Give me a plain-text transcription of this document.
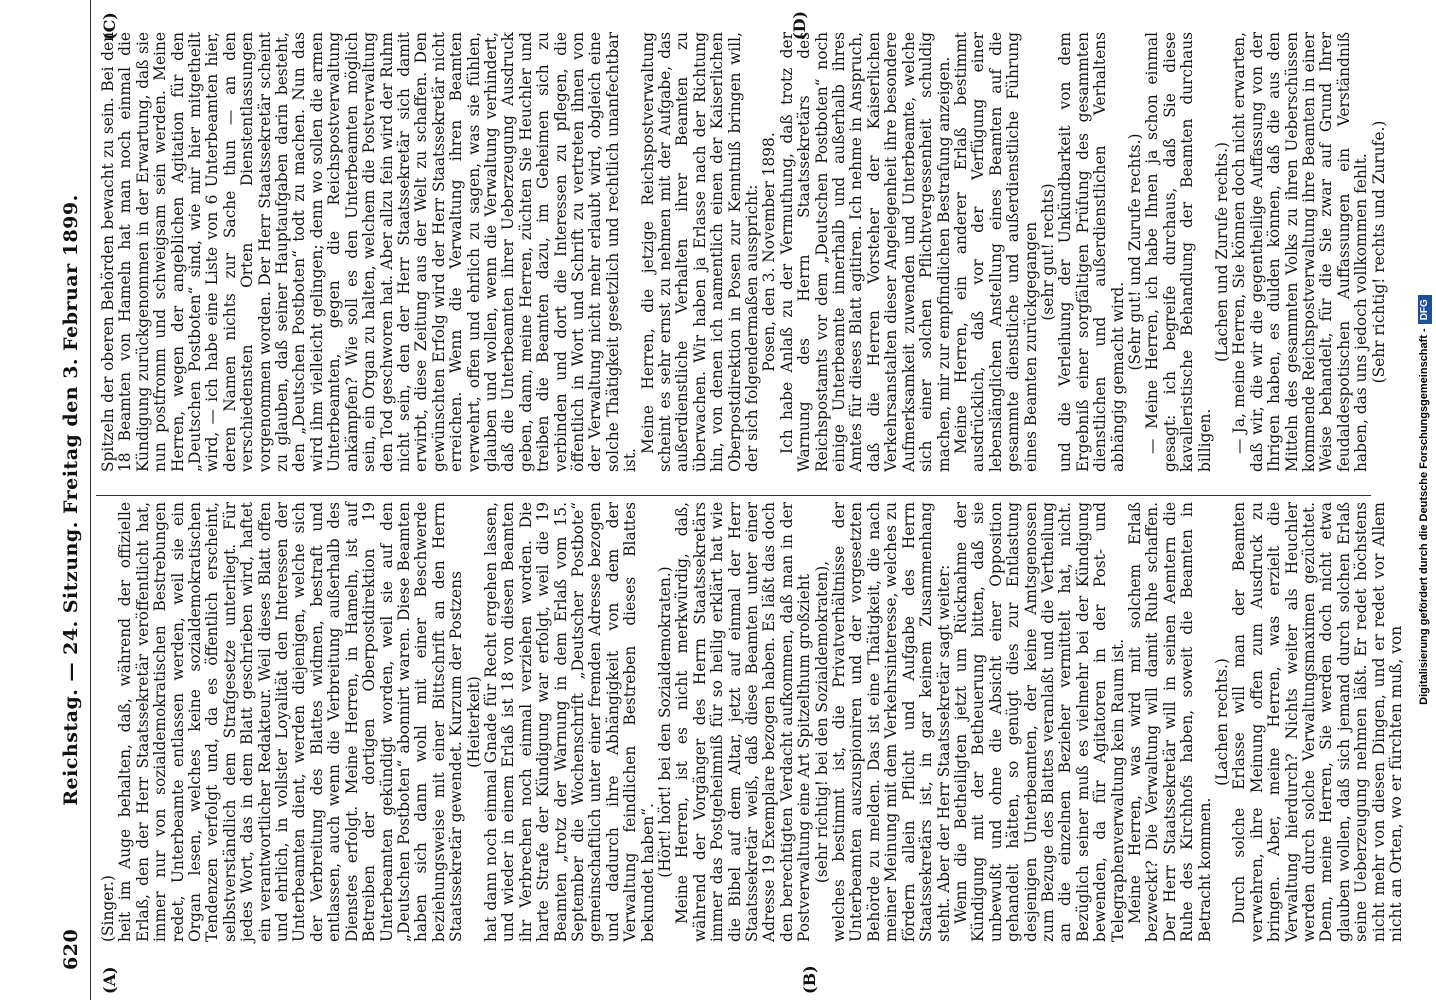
620
Reichstag. — 24. Sitzung. Freitag den 3. Februar 1899.
(A)	(B)
(C)	(D)

(Singer.) heit im Auge behalten, daß, während der offizielle Erlaß, den der Herr Staatssekretär veröffentlicht hat, immer nur von sozialdemokratischen Bestrebungen redet, Unterbeamte entlassen werden, weil sie ein Organ lesen, welches keine sozialdemokratischen Tendenzen verfolgt und, da es öffentlich erscheint, selbstverständlich dem Strafgesetze unterliegt. Für jedes Wort, das in dem Blatt geschrieben wird, haftet ein verantwortlicher Redakteur. Weil dieses Blatt offen und ehrlich, in vollster Loyalität den Interessen der Unterbeamten dient, werden diejenigen, welche sich der Verbreitung des Blattes widmen, bestraft und entlassen, auch wenn die Verbreitung außerhalb des Dienstes erfolgt. Meine Herren, in Hameln, ist auf Betreiben der dortigen Oberpostdirektion 19 Unterbeamten gekündigt worden, weil sie auf den „Deutschen Postboten“ abonnirt waren. Diese Beamten haben sich dann wohl mit einer Beschwerde beziehungsweise mit einer Bittschrift an den Herrn Staatssekretär gewendet. Kurzum der Postzens (Heiterkeit) hat dann noch einmal Gnade für Recht ergehen lassen, und wieder in einem Erlaß ist 18 von diesen Beamten ihr Verbrechen noch einmal verziehen worden. Die harte Strafe der Kündigung war erfolgt, weil die 19 Beamten „trotz der Warnung in dem Erlaß vom 15. September die Wochenschrift „Deutscher Postbote“ gemeinschaftlich unter einer fremden Adresse bezogen und dadurch ihre Abhängigkeit von dem der Verwaltung feindlichen Bestreben dieses Blattes bekundet haben“. (Hört! hört! bei den Sozialdemokraten.) Meine Herren, ist es nicht merkwürdig, daß, während der Vorgänger des Herrn Staatssekretärs immer das Postgeheimniß für so heilig erklärt hat wie die Bibel auf dem Altar, jetzt auf einmal der Herr Staatssekretär weiß, daß diese Beamten unter einer Adresse 19 Exemplare bezogen haben. Es läßt das doch den berechtigten Verdacht aufkommen, daß man in der Postverwaltung eine Art Spitzelthum großzieht (sehr richtig! bei den Sozialdemokraten), welches bestimmt ist, die Privatverhältnisse der Unterbeamten auszuspioniren und der vorgesetzten Behörde zu melden. Das ist eine Thätigkeit, die nach meiner Meinung mit dem Verkehrsinteresse, welches zu fördern allein Pflicht und Aufgabe des Herrn Staatssekretärs ist, in gar keinem Zusammenhang steht. Aber der Herr Staatssekretär sagt weiter: Wenn die Betheiligten jetzt um Rücknahme der Kündigung mit der Betheuerung bitten, daß sie unbewußt und ohne die Absicht einer Opposition gehandelt hätten, so genügt dies zur Entlastung desjenigen Unterbeamten, der keine Amtsgenossen zum Bezuge des Blattes veranlaßt und die Vertheilung an die einzelnen Bezieher vermittelt hat, nicht. Bezüglich seiner muß es vielmehr bei der Kündigung bewenden, da für Agitatoren in der Post- und Telegraphenverwaltung kein Raum ist. Meine Herren, was wird mit solchem Erlaß bezweckt? Die Verwaltung will damit Ruhe schaffen. Der Herr Staatssekretär will in seinen Aemtern die Ruhe des Kirchhofs haben, soweit die Beamten in Betracht kommen.

(Lachen rechts.) Durch solche Erlasse will man der Beamten verwehren, ihre Meinung offen zum Ausdruck zu bringen. Aber, meine Herren, was erzielt die Verwaltung hierdurch? Nichts weiter als Heuchler werden durch solche Verwaltungsmaximen gezüchtet. Denn, meine Herren, Sie werden doch nicht etwa glauben wollen, daß sich jemand durch solchen Erlaß seine Ueberzeugung nehmen läßt. Er redet höchstens nicht mehr von diesen Dingen, und er redet vor Allem nicht an Orten, wo er fürchten muß, von

Spitzeln der oberen Behörden bewacht zu sein. Bei den 18 Beamten von Hameln hat man noch einmal die Kündigung zurückgenommen in der Erwartung, daß sie nun postfromm und schweigsam sein werden. Meine Herren, wegen der angeblichen Agitation für den „Deutschen Postboten“ sind, wie mir hier mitgetheilt wird, — ich habe eine Liste von 6 Unterbeamten hier, deren Namen nichts zur Sache thun — an den verschiedensten Orten Dienstentlassungen vorgenommen worden. Der Herr Staatssekretär scheint zu glauben, daß seiner Hauptaufgaben darin besteht, den „Deutschen Postboten“ todt zu machen. Nun das wird ihm vielleicht gelingen; denn wo sollen die armen Unterbeamten, gegen die Reichspostverwaltung ankämpfen? Wie soll es den Unterbeamten möglich sein, ein Organ zu halten, welchem die Postverwaltung den Tod geschworen hat. Aber allzu fein wird der Ruhm nicht sein, den der Herr Staatssekretär sich damit erwirbt, diese Zeitung aus der Welt zu schaffen. Den gewünschten Erfolg wird der Herr Staatssekretär nicht erreichen. Wenn die Verwaltung ihren Beamten verwehrt, offen und ehrlich zu sagen, was sie fühlen, glauben und wollen, wenn die Verwaltung verhindert, daß die Unterbeamten ihrer Ueberzeugung Ausdruck geben, dann, meine Herren, züchten Sie Heuchler und treiben die Beamten dazu, im Geheimen sich zu verbinden und dort die Interessen zu pflegen, die öffentlich in Wort und Schrift zu vertreten ihnen von der Verwaltung nicht mehr erlaubt wird, obgleich eine solche Thätigkeit gesetzlich und rechtlich unanfechtbar ist.

Meine Herren, die jetzige Reichspostverwaltung scheint es sehr ernst zu nehmen mit der Aufgabe, das außerdienstliche Verhalten ihrer Beamten zu überwachen. Wir haben ja Erlasse nach der Richtung hin, von denen ich namentlich einen der Kaiserlichen Oberpostdirektion in Posen zur Kenntniß bringen will, der sich folgendermaßen ausspricht: Posen, den 3. November 1898. Ich habe Anlaß zu der Vermuthung, daß trotz der Warnung des Herrn Staatssekretärs des Reichspostamts vor dem „Deutschen Postboten“ noch einige Unterbeamte innerhalb und außerhalb ihres Amtes für dieses Blatt agitiren. Ich nehme in Anspruch, daß die Herren Vorsteher der Kaiserlichen Verkehrsanstalten dieser Angelegenheit ihre besondere Aufmerksamkeit zuwenden und Unterbeamte, welche sich einer solchen Pflichtvergessenheit schuldig machen, mir zur empfindlichen Bestrafung anzeigen. Meine Herren, ein anderer Erlaß bestimmt ausdrücklich, daß vor der Verfügung einer lebenslänglichen Anstellung eines Beamten auf die gesammte dienstliche und außerdienstliche Führung eines Beamten zurückgegangen (sehr gut! rechts) und die Verleihung der Unkündbarkeit von dem Ergebniß einer sorgfältigen Prüfung des gesammten dienstlichen und außerdienstlichen Verhaltens abhängig gemacht wird.

(Sehr gut! und Zurufe rechts.) — Meine Herren, ich habe Ihnen ja schon einmal gesagt: ich begreife durchaus, daß Sie diese kavalleristische Behandlung der Beamten durchaus billigen.

(Lachen und Zurufe rechts.) — Ja, meine Herren, Sie können doch nicht erwarten, daß wir, die wir die gegentheilige Auffassung von der Ihrigen haben, es dulden können, daß die aus den Mitteln des gesammten Volks zu ihren Ueberschüssen kommende Reichspostverwaltung ihre Beamten in einer Weise behandelt, für die Sie zwar auf Grund Ihrer feudaldespotischen Auffassungen ein Verständniß haben, das uns jedoch vollkommen fehlt. (Sehr richtig! rechts und Zurufe.)

Digitalisierung gefördert durch die Deutsche Forschungsgemeinschaft -DFG
